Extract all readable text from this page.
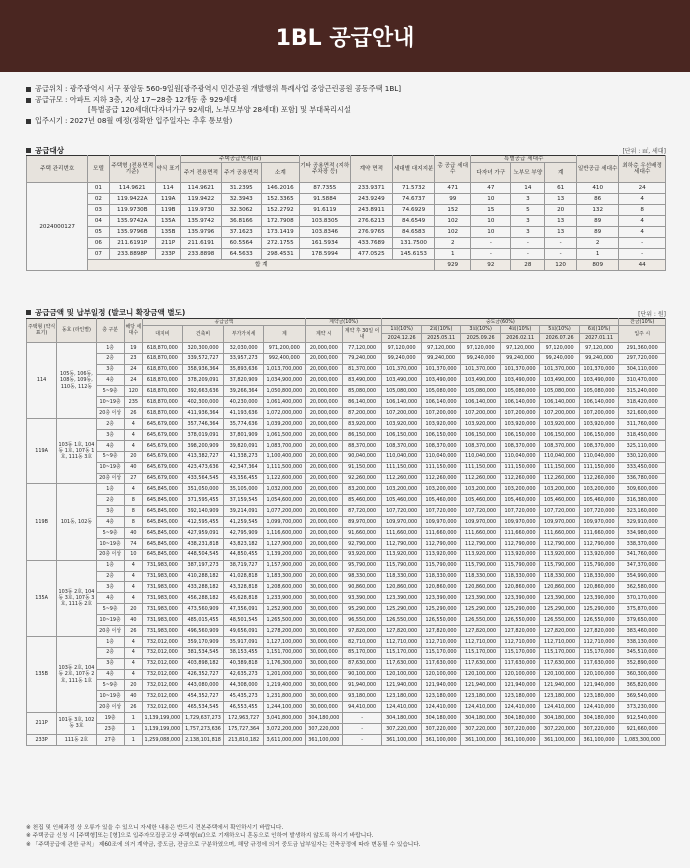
1BL 공급안내
공급위치 : 광주광역시 서구 풍암동 560-9일원[광주광역시 민간공원 개발행위 특례사업 중앙근린공원 공동주택 1BL]
공급규모 : 아파트 지하 3층, 지상 17~28층 12개동 총 929세대
[특별공급 120세대(다자녀가구 92세대, 노부모부양 28세대) 포함] 및 부대복리시설
입주시기 : 2027년 08월 예정(정확한 입주일자는 추후 통보함)
공급대상	[단위 : ㎡, 세대]
주택 관리번호	모델	주택형 (전용면적기준)	약식 표기	주택공급면적(㎡)			기타 공용면적 (지하주차장 등)	계약 면적	세대별 대지지분	총 공급 세대수	특별공급 세대수			일반공급 세대수	최하층 우선배정 세대수
				주거 전용면적	주거 공용면적	소계					다자녀 가구	노부모 부양	계		
2024000127	01	114.9621	114	114.9621	31.2395	146.2016	87.7355	233.9371	71.5732	471	47	14	61	410	24
	02	119.9422A	119A	119.9422	32.3943	152.3365	91.5884	243.9249	74.6737	99	10	3	13	86	4
	03	119.9730B	119B	119.9730	32.3062	152.2792	91.6119	243.8911	74.6929	152	15	5	20	132	8
	04	135.9742A	135A	135.9742	36.8166	172.7908	103.8305	276.6213	84.6549	102	10	3	13	89	4
	05	135.9796B	135B	135.9796	37.1623	173.1419	103.8346	276.9765	84.6583	102	10	3	13	89	4
	06	211.6191P	211P	211.6191	60.5564	272.1755	161.5934	433.7689	131.7500	2	-	-	-	2	-
	07	233.8898P	233P	233.8898	64.5633	298.4531	178.5994	477.0525	145.6153	1	-	-	-	1	-
	합 계									929	92	28	120	809	44
공급금액 및 납부일정 (발코니 확장금액 별도)	[단위 : 원]
주택형 (약식 표기)	동호 (라인별)	층 구분	해당 세대수	공급금액				계약금(10%)		중도금(60%)						잔금(10%)
				대지비	건축비	부가가치세	계	계약 시	계약 후 30일 이내	1회(10%)	2회(10%)	3회(10%)	4회(10%)	5회(10%)	6회(10%)	입주 시
										2024.12.26	2025.05.11	2025.09.26	2026.02.11	2026.07.26	2027.01.11	
114	105동, 106동, 108동, 109동, 110동, 112동	1층	19	618,870,000	320,300,000	32,030,000	971,200,000	20,000,000	77,120,000	97,120,000	97,120,000	97,120,000	97,120,000	97,120,000	97,120,000	291,360,000
		2층	23	618,870,000	339,572,727	33,957,273	992,400,000	20,000,000	79,240,000	99,240,000	99,240,000	99,240,000	99,240,000	99,240,000	99,240,000	297,720,000
		3층	24	618,870,000	358,936,364	35,893,636	1,013,700,000	20,000,000	81,370,000	101,370,000	101,370,000	101,370,000	101,370,000	101,370,000	101,370,000	304,110,000
		4층	24	618,870,000	378,209,091	37,820,909	1,034,900,000	20,000,000	83,490,000	103,490,000	103,490,000	103,490,000	103,490,000	103,490,000	103,490,000	310,470,000
		5~9층	120	618,870,000	392,663,636	39,266,364	1,050,800,000	20,000,000	85,080,000	105,080,000	105,080,000	105,080,000	105,080,000	105,080,000	105,080,000	315,240,000
		10~19층	235	618,870,000	402,300,000	40,230,000	1,061,400,000	20,000,000	86,140,000	106,140,000	106,140,000	106,140,000	106,140,000	106,140,000	106,140,000	318,420,000
		20층 이상	26	618,870,000	411,936,364	41,193,636	1,072,000,000	20,000,000	87,200,000	107,200,000	107,200,000	107,200,000	107,200,000	107,200,000	107,200,000	321,600,000
119A	103동 1호, 104동 1호, 107동 1호, 111동 3호	2층	4	645,679,000	357,746,364	35,774,636	1,039,200,000	20,000,000	83,920,000	103,920,000	103,920,000	103,920,000	103,920,000	103,920,000	103,920,000	311,760,000
		3층	4	645,679,000	378,019,091	37,801,909	1,061,500,000	20,000,000	86,150,000	106,150,000	106,150,000	106,150,000	106,150,000	106,150,000	106,150,000	318,450,000
		4층	4	645,679,000	398,200,909	39,820,091	1,083,700,000	20,000,000	88,370,000	108,370,000	108,370,000	108,370,000	108,370,000	108,370,000	108,370,000	325,110,000
		5~9층	20	645,679,000	413,382,727	41,338,273	1,100,400,000	20,000,000	90,040,000	110,040,000	110,040,000	110,040,000	110,040,000	110,040,000	110,040,000	330,120,000
		10~19층	40	645,679,000	423,473,636	42,347,364	1,111,500,000	20,000,000	91,150,000	111,150,000	111,150,000	111,150,000	111,150,000	111,150,000	111,150,000	333,450,000
		20층 이상	27	645,679,000	433,564,545	43,356,455	1,122,600,000	20,000,000	92,260,000	112,260,000	112,260,000	112,260,000	112,260,000	112,260,000	112,260,000	336,780,000
119B	101동, 102동	1층	4	645,845,000	351,050,000	35,105,000	1,032,000,000	20,000,000	83,200,000	103,200,000	103,200,000	103,200,000	103,200,000	103,200,000	103,200,000	309,600,000
		2층	8	645,845,000	371,595,455	37,159,545	1,054,600,000	20,000,000	85,460,000	105,460,000	105,460,000	105,460,000	105,460,000	105,460,000	105,460,000	316,380,000
		3층	8	645,845,000	392,140,909	39,214,091	1,077,200,000	20,000,000	87,720,000	107,720,000	107,720,000	107,720,000	107,720,000	107,720,000	107,720,000	323,160,000
		4층	8	645,845,000	412,595,455	41,259,545	1,099,700,000	20,000,000	89,970,000	109,970,000	109,970,000	109,970,000	109,970,000	109,970,000	109,970,000	329,910,000
		5~9층	40	645,845,000	427,959,091	42,795,909	1,116,600,000	20,000,000	91,660,000	111,660,000	111,660,000	111,660,000	111,660,000	111,660,000	111,660,000	334,980,000
		10~19층	74	645,845,000	438,231,818	43,823,182	1,127,900,000	20,000,000	92,790,000	112,790,000	112,790,000	112,790,000	112,790,000	112,790,000	112,790,000	338,370,000
		20층 이상	10	645,845,000	448,504,545	44,850,455	1,139,200,000	20,000,000	93,920,000	113,920,000	113,920,000	113,920,000	113,920,000	113,920,000	113,920,000	341,760,000
135A	103동 2호, 104동 3호, 107동 3호, 111동 2호	1층	4	731,983,000	387,197,273	38,719,727	1,157,900,000	20,000,000	95,790,000	115,790,000	115,790,000	115,790,000	115,790,000	115,790,000	115,790,000	347,370,000
		2층	4	731,983,000	410,288,182	41,028,818	1,183,300,000	20,000,000	98,330,000	118,330,000	118,330,000	118,330,000	118,330,000	118,330,000	118,330,000	354,990,000
		3층	4	731,983,000	433,288,182	43,328,818	1,208,600,000	30,000,000	90,860,000	120,860,000	120,860,000	120,860,000	120,860,000	120,860,000	120,860,000	362,580,000
		4층	4	731,983,000	456,288,182	45,628,818	1,233,900,000	30,000,000	93,390,000	123,390,000	123,390,000	123,390,000	123,390,000	123,390,000	123,390,000	370,170,000
		5~9층	20	731,983,000	473,560,909	47,356,091	1,252,900,000	30,000,000	95,290,000	125,290,000	125,290,000	125,290,000	125,290,000	125,290,000	125,290,000	375,870,000
		10~19층	40	731,983,000	485,015,455	48,501,545	1,265,500,000	30,000,000	96,550,000	126,550,000	126,550,000	126,550,000	126,550,000	126,550,000	126,550,000	379,650,000
		20층 이상	26	731,983,000	496,560,909	49,656,091	1,278,200,000	30,000,000	97,820,000	127,820,000	127,820,000	127,820,000	127,820,000	127,820,000	127,820,000	383,460,000
135B	103동 2호, 104동 2호, 107동 2호, 111동 1호	1층	4	732,012,000	359,170,909	35,917,091	1,127,100,000	30,000,000	82,710,000	112,710,000	112,710,000	112,710,000	112,710,000	112,710,000	112,710,000	338,130,000
		2층	4	732,012,000	381,534,545	38,153,455	1,151,700,000	30,000,000	85,170,000	115,170,000	115,170,000	115,170,000	115,170,000	115,170,000	115,170,000	345,510,000
		3층	4	732,012,000	403,898,182	40,389,818	1,176,300,000	30,000,000	87,630,000	117,630,000	117,630,000	117,630,000	117,630,000	117,630,000	117,630,000	352,890,000
		4층	4	732,012,000	426,352,727	42,635,273	1,201,000,000	30,000,000	90,100,000	120,100,000	120,100,000	120,100,000	120,100,000	120,100,000	120,100,000	360,300,000
		5~9층	20	732,012,000	443,080,000	44,308,000	1,219,400,000	30,000,000	91,940,000	121,940,000	121,940,000	121,940,000	121,940,000	121,940,000	121,940,000	365,820,000
		10~19층	40	732,012,000	454,352,727	45,435,273	1,231,800,000	30,000,000	93,180,000	123,180,000	123,180,000	123,180,000	123,180,000	123,180,000	123,180,000	369,540,000
		20층 이상	26	732,012,000	465,534,545	46,553,455	1,244,100,000	30,000,000	94,410,000	124,410,000	124,410,000	124,410,000	124,410,000	124,410,000	124,410,000	373,230,000
211P	101동 3호, 102동 3호	19층	1	1,139,199,000	1,729,637,273	172,963,727	3,041,800,000	304,180,000	-	304,180,000	304,180,000	304,180,000	304,180,000	304,180,000	304,180,000	912,540,000
		23층	1	1,139,199,000	1,757,273,636	175,727,364	3,072,200,000	307,220,000	-	307,220,000	307,220,000	307,220,000	307,220,000	307,220,000	307,220,000	921,660,000
233P	111동 2호	27층	1	1,259,088,000	2,138,101,818	213,810,182	3,611,000,000	361,100,000	-	361,100,000	361,100,000	361,100,000	361,100,000	361,100,000	361,100,000	1,083,300,000
※ 천집 및 인쇄과정 상 오류가 있을 수 있으니 자세한 내용은 반드시 견본주택에서 확인하시기 바랍니다.
※ 주택공급 신청 시 [주택형]또는 [형]으로 입주자모집공고상 주택형(㎡)으로 기재하오니 혼동으로 인하여 발생하지 않도록 하시기 바랍니다.
※ 「주택공급에 관한 규칙」 제60조에 의거 계약금, 중도금, 잔금으로 구분하였으며, 해당 규정에 의거 중도금 납부일자는 건축공정에 따라 변동될 수 있습니다.
